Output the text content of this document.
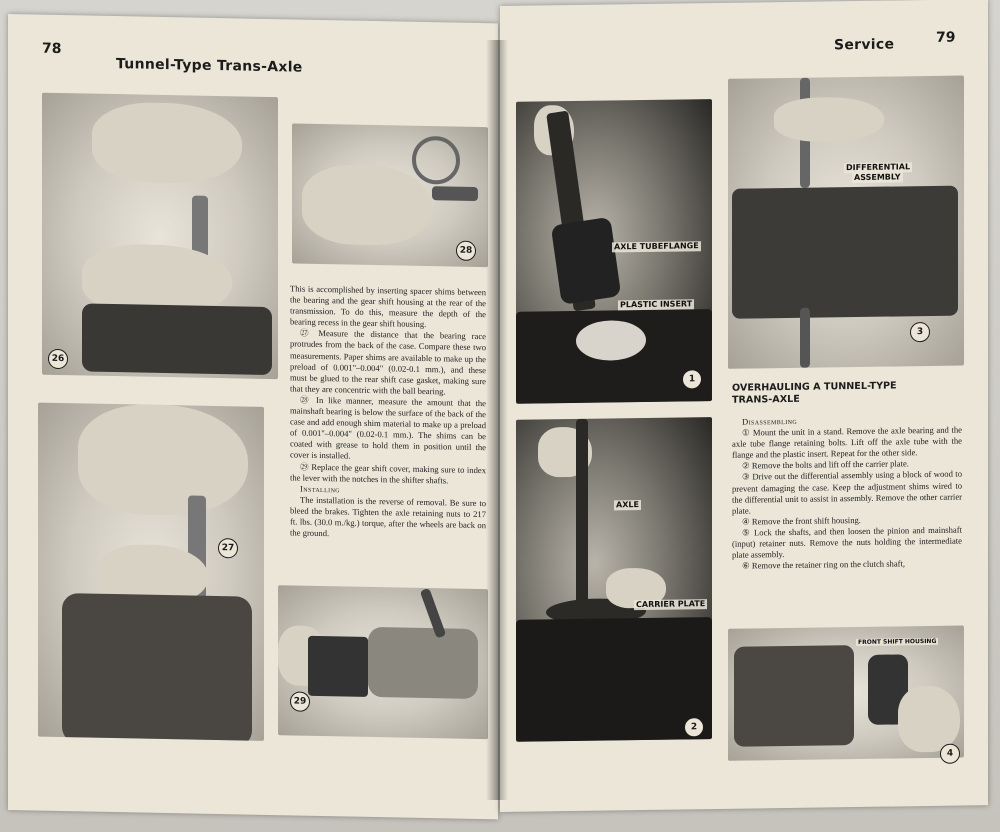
78
Tunnel-Type Trans-Axle
26
28

This is accomplished by inserting spacer shims between the bearing and the gear shift housing at the rear of the transmission. To do this, measure the depth of the bearing recess in the gear shift housing.

㉗ Measure the distance that the bearing race protrudes from the back of the case. Compare these two measurements. Paper shims are available to make up the preload of 0.001"–0.004" (0.02-0.1 mm.), and these must be glued to the rear shift case gasket, making sure that they are concentric with the ball bearing.

㉘ In like manner, measure the amount that the mainshaft bearing is below the surface of the back of the case and add enough shim material to make up a preload of 0.001"–0.004" (0.02-0.1 mm.). The shims can be coated with grease to hold them in position until the cover is installed.

㉙ Replace the gear shift cover, making sure to index the lever with the notches in the shifter shafts.

Installing

The installation is the reverse of removal. Be sure to bleed the brakes. Tighten the axle retaining nuts to 217 ft. lbs. (30.0 m./kg.) torque, after the wheels are back on the ground.

27
29
Service	79
AXLE TUBEFLANGE
PLASTIC INSERT
1
DIFFERENTIAL
ASSEMBLY
3
OVERHAULING A TUNNEL-TYPE
TRANS-AXLE

Disassembling

① Mount the unit in a stand. Remove the axle bearing and the axle tube flange retaining bolts. Lift off the axle tube with the flange and the plastic insert. Repeat for the other side.

② Remove the bolts and lift off the carrier plate.

③ Drive out the differential assembly using a block of wood to prevent damaging the case. Keep the adjustment shims wired to the differential unit to assist in assembly. Remove the other carrier plate.

④ Remove the front shift housing.

⑤ Lock the shafts, and then loosen the pinion and mainshaft (input) retainer nuts. Remove the nuts holding the intermediate plate assembly.

⑥ Remove the retainer ring on the clutch shaft,

AXLE
CARRIER PLATE
2
FRONT SHIFT HOUSING
4
